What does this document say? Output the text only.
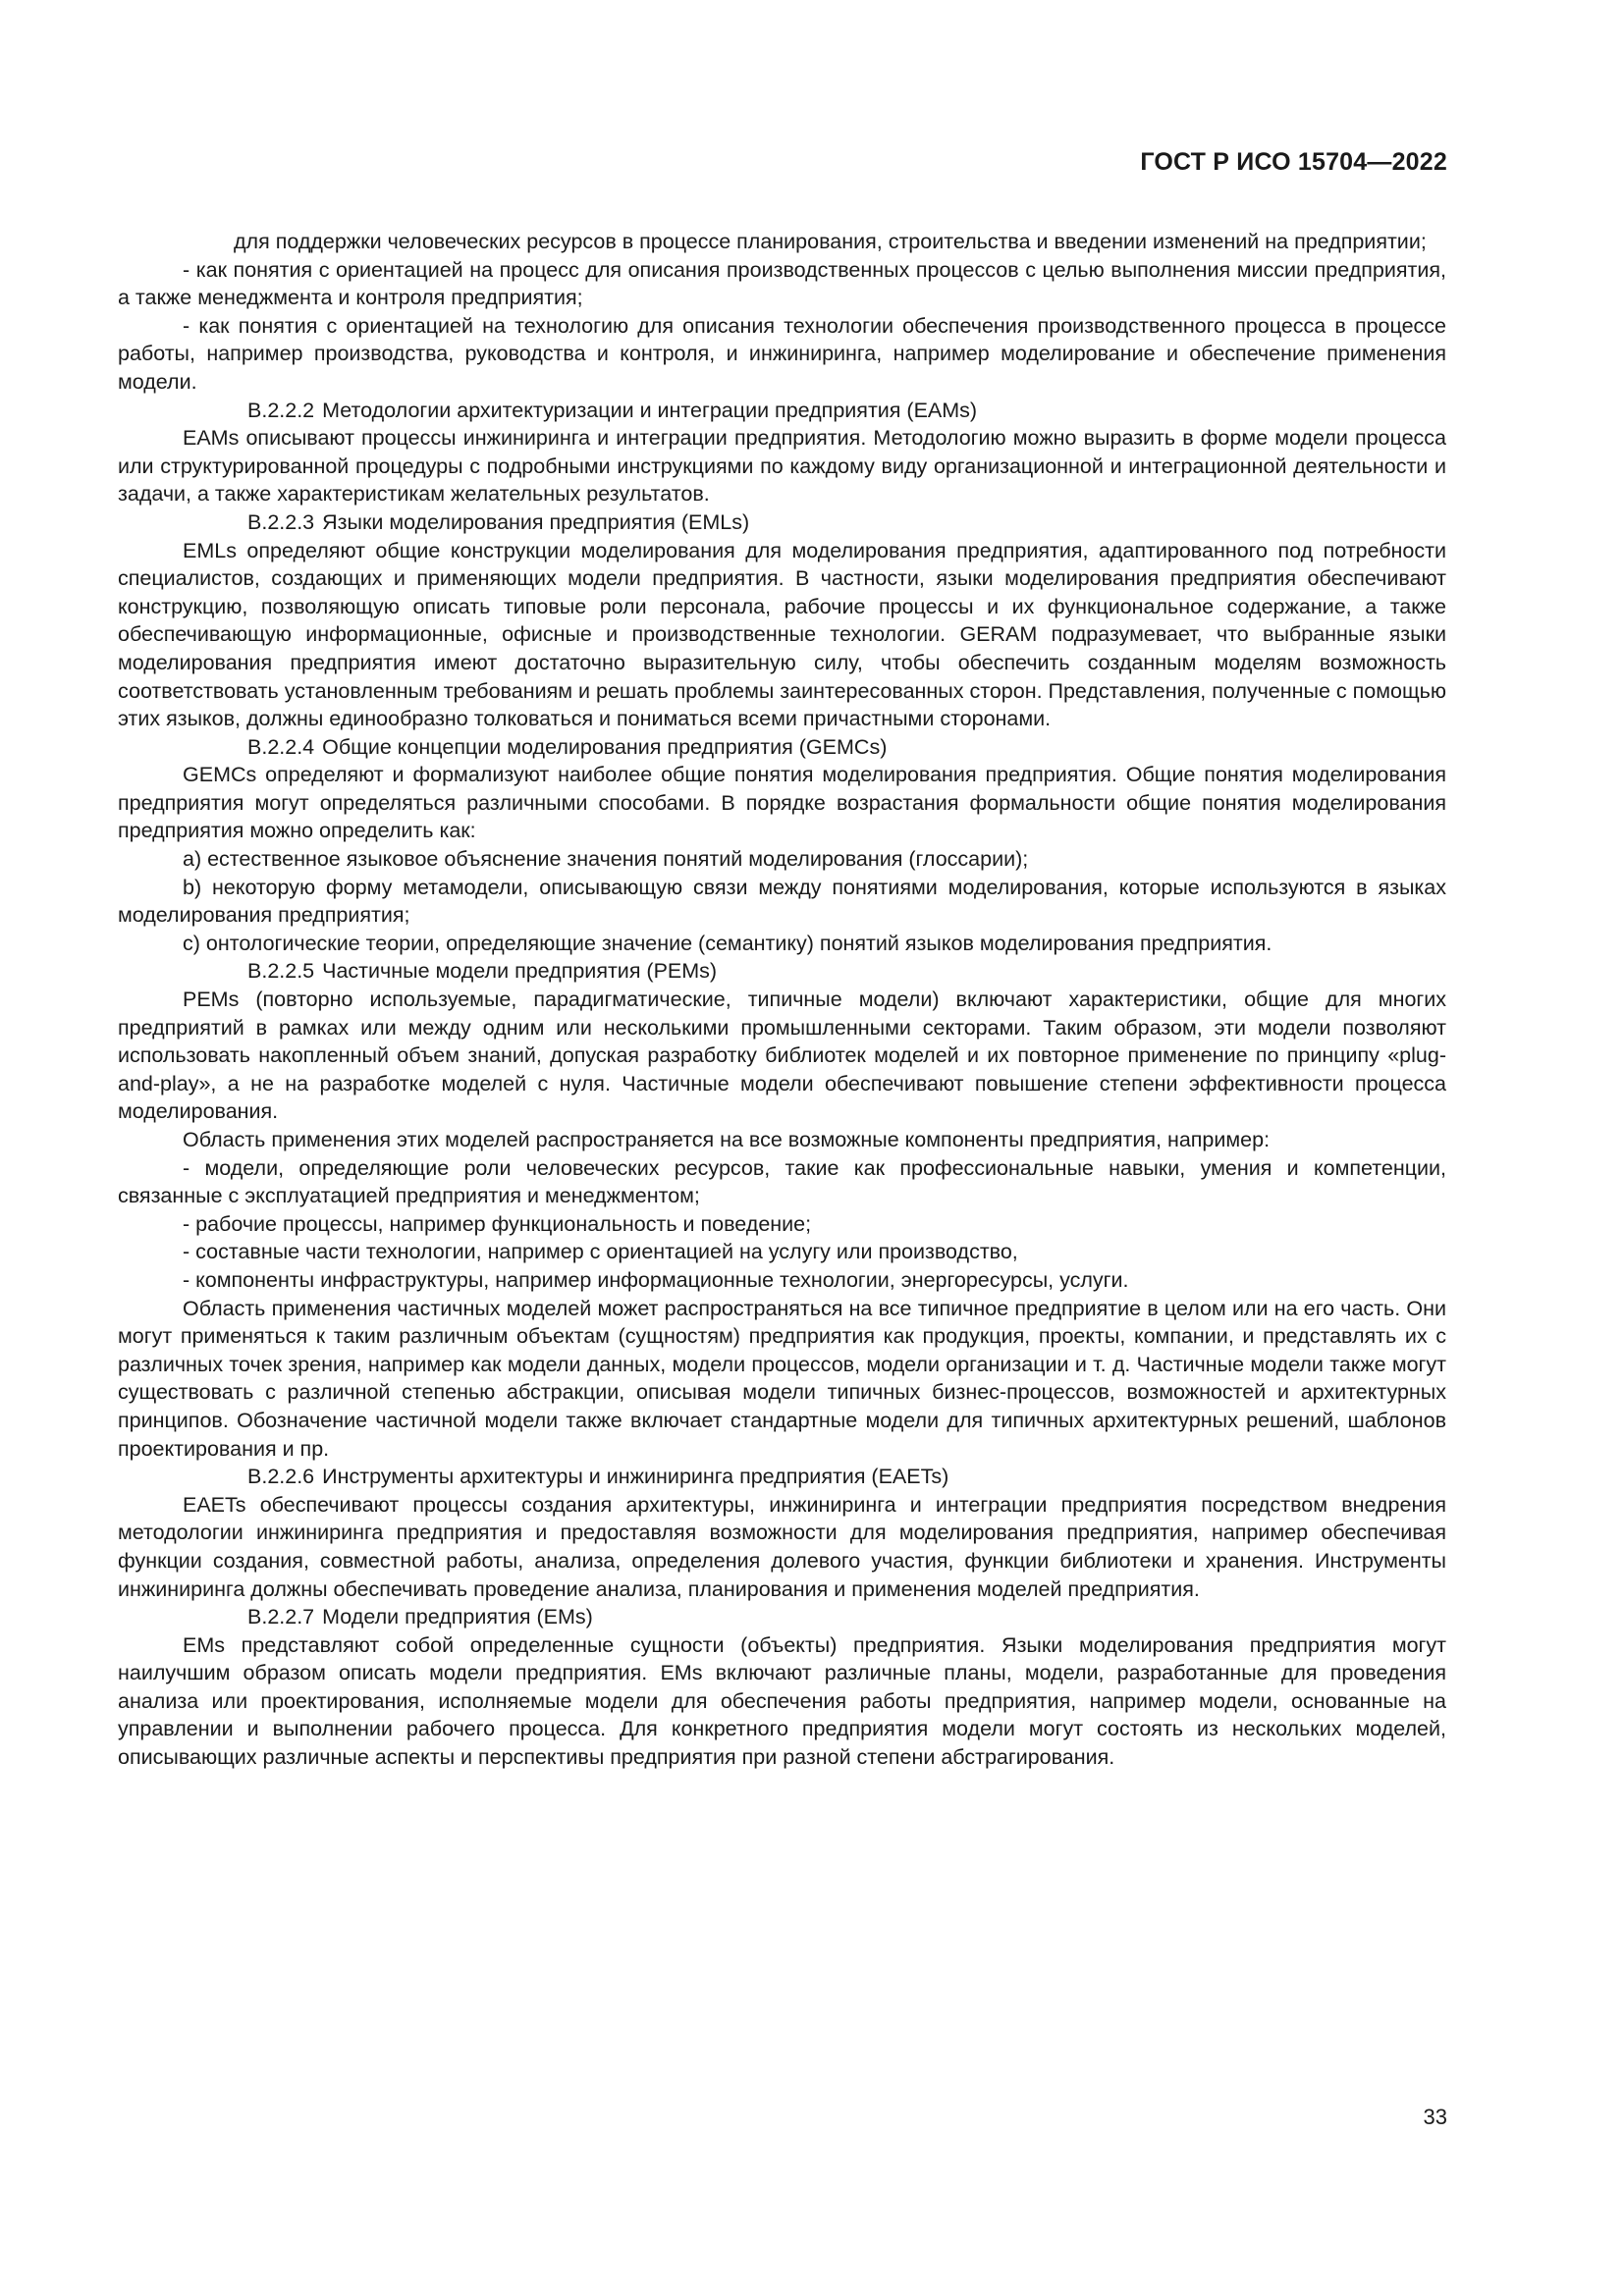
ГОСТ Р ИСО 15704—2022

для поддержки человеческих ресурсов в процессе планирования, строительства и введении изменений на предприятии;

- как понятия с ориентацией на процесс для описания производственных процессов с целью выполнения миссии предприятия, а также менеджмента и контроля предприятия;

- как понятия с ориентацией на технологию для описания технологии обеспечения производственного процесса в процессе работы, например производства, руководства и контроля, и инжиниринга, например моделирование и обеспечение применения модели.

B.2.2.2 Методологии архитектуризации и интеграции предприятия (EAMs)

EAMs описывают процессы инжиниринга и интеграции предприятия. Методологию можно выразить в форме модели процесса или структурированной процедуры с подробными инструкциями по каждому виду организационной и интеграционной деятельности и задачи, а также характеристикам желательных результатов.

B.2.2.3 Языки моделирования предприятия (EMLs)

EMLs определяют общие конструкции моделирования для моделирования предприятия, адаптированного под потребности специалистов, создающих и применяющих модели предприятия. В частности, языки моделирования предприятия обеспечивают конструкцию, позволяющую описать типовые роли персонала, рабочие процессы и их функциональное содержание, а также обеспечивающую информационные, офисные и производственные технологии. GERAM подразумевает, что выбранные языки моделирования предприятия имеют достаточно выразительную силу, чтобы обеспечить созданным моделям возможность соответствовать установленным требованиям и решать проблемы заинтересованных сторон. Представления, полученные с помощью этих языков, должны единообразно толковаться и пониматься всеми причастными сторонами.

B.2.2.4 Общие концепции моделирования предприятия (GEMCs)

GEMCs определяют и формализуют наиболее общие понятия моделирования предприятия. Общие понятия моделирования предприятия могут определяться различными способами. В порядке возрастания формальности общие понятия моделирования предприятия можно определить как:

a) естественное языковое объяснение значения понятий моделирования (глоссарии);

b) некоторую форму метамодели, описывающую связи между понятиями моделирования, которые используются в языках моделирования предприятия;

c) онтологические теории, определяющие значение (семантику) понятий языков моделирования предприятия.

B.2.2.5 Частичные модели предприятия (PEMs)

PEMs (повторно используемые, парадигматические, типичные модели) включают характеристики, общие для многих предприятий в рамках или между одним или несколькими промышленными секторами. Таким образом, эти модели позволяют использовать накопленный объем знаний, допуская разработку библиотек моделей и их повторное применение по принципу «plug-and-play», а не на разработке моделей с нуля. Частичные модели обеспечивают повышение степени эффективности процесса моделирования.

Область применения этих моделей распространяется на все возможные компоненты предприятия, например:

- модели, определяющие роли человеческих ресурсов, такие как профессиональные навыки, умения и компетенции, связанные с эксплуатацией предприятия и менеджментом;

- рабочие процессы, например функциональность и поведение;

- составные части технологии, например с ориентацией на услугу или производство,

- компоненты инфраструктуры, например информационные технологии, энергоресурсы, услуги.

Область применения частичных моделей может распространяться на все типичное предприятие в целом или на его часть. Они могут применяться к таким различным объектам (сущностям) предприятия как продукция, проекты, компании, и представлять их с различных точек зрения, например как модели данных, модели процессов, модели организации и т. д. Частичные модели также могут существовать с различной степенью абстракции, описывая модели типичных бизнес-процессов, возможностей и архитектурных принципов. Обозначение частичной модели также включает стандартные модели для типичных архитектурных решений, шаблонов проектирования и пр.

B.2.2.6 Инструменты архитектуры и инжиниринга предприятия (EAETs)

EAETs обеспечивают процессы создания архитектуры, инжиниринга и интеграции предприятия посредством внедрения методологии инжиниринга предприятия и предоставляя возможности для моделирования предприятия, например обеспечивая функции создания, совместной работы, анализа, определения долевого участия, функции библиотеки и хранения. Инструменты инжиниринга должны обеспечивать проведение анализа, планирования и применения моделей предприятия.

B.2.2.7 Модели предприятия (EMs)

EMs представляют собой определенные сущности (объекты) предприятия. Языки моделирования предприятия могут наилучшим образом описать модели предприятия. EMs включают различные планы, модели, разработанные для проведения анализа или проектирования, исполняемые модели для обеспечения работы предприятия, например модели, основанные на управлении и выполнении рабочего процесса. Для конкретного предприятия модели могут состоять из нескольких моделей, описывающих различные аспекты и перспективы предприятия при разной степени абстрагирования.

33
